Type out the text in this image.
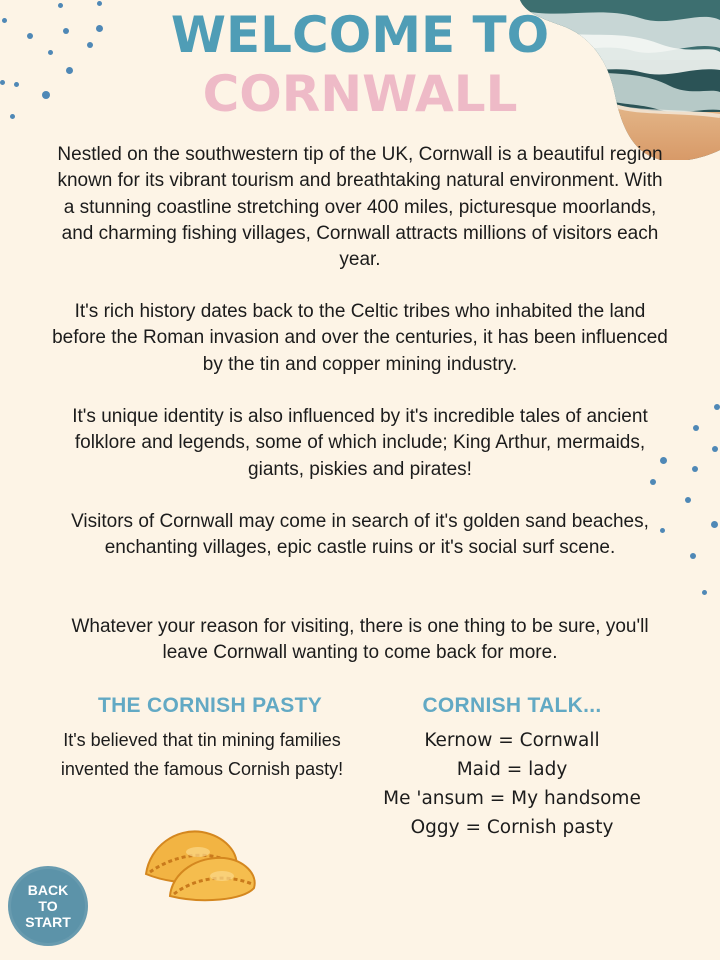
WELCOME TO
CORNWALL

Nestled on the southwestern tip of the UK, Cornwall is a beautiful region known for its vibrant tourism and breathtaking natural environment. With a stunning coastline stretching over 400 miles, picturesque moorlands, and charming fishing villages, Cornwall attracts millions of visitors each year.

It's rich history dates back to the Celtic tribes who inhabited the land before the Roman invasion and over the centuries, it has been influenced by the tin and copper mining industry.

It's unique identity is also influenced by it's incredible tales of ancient folklore and legends, some of which include; King Arthur, mermaids, giants, piskies and pirates!

Visitors of Cornwall may come in search of it's golden sand beaches, enchanting villages, epic castle ruins or it's social surf scene.

Whatever your reason for visiting, there is one thing to be sure, you'll leave Cornwall wanting to come back for more.

THE CORNISH PASTY

It's believed that tin mining families invented the famous Cornish pasty!

CORNISH TALK...
Kernow = Cornwall
Maid = lady
Me 'ansum = My handsome
Oggy = Cornish pasty
BACK TO
START
